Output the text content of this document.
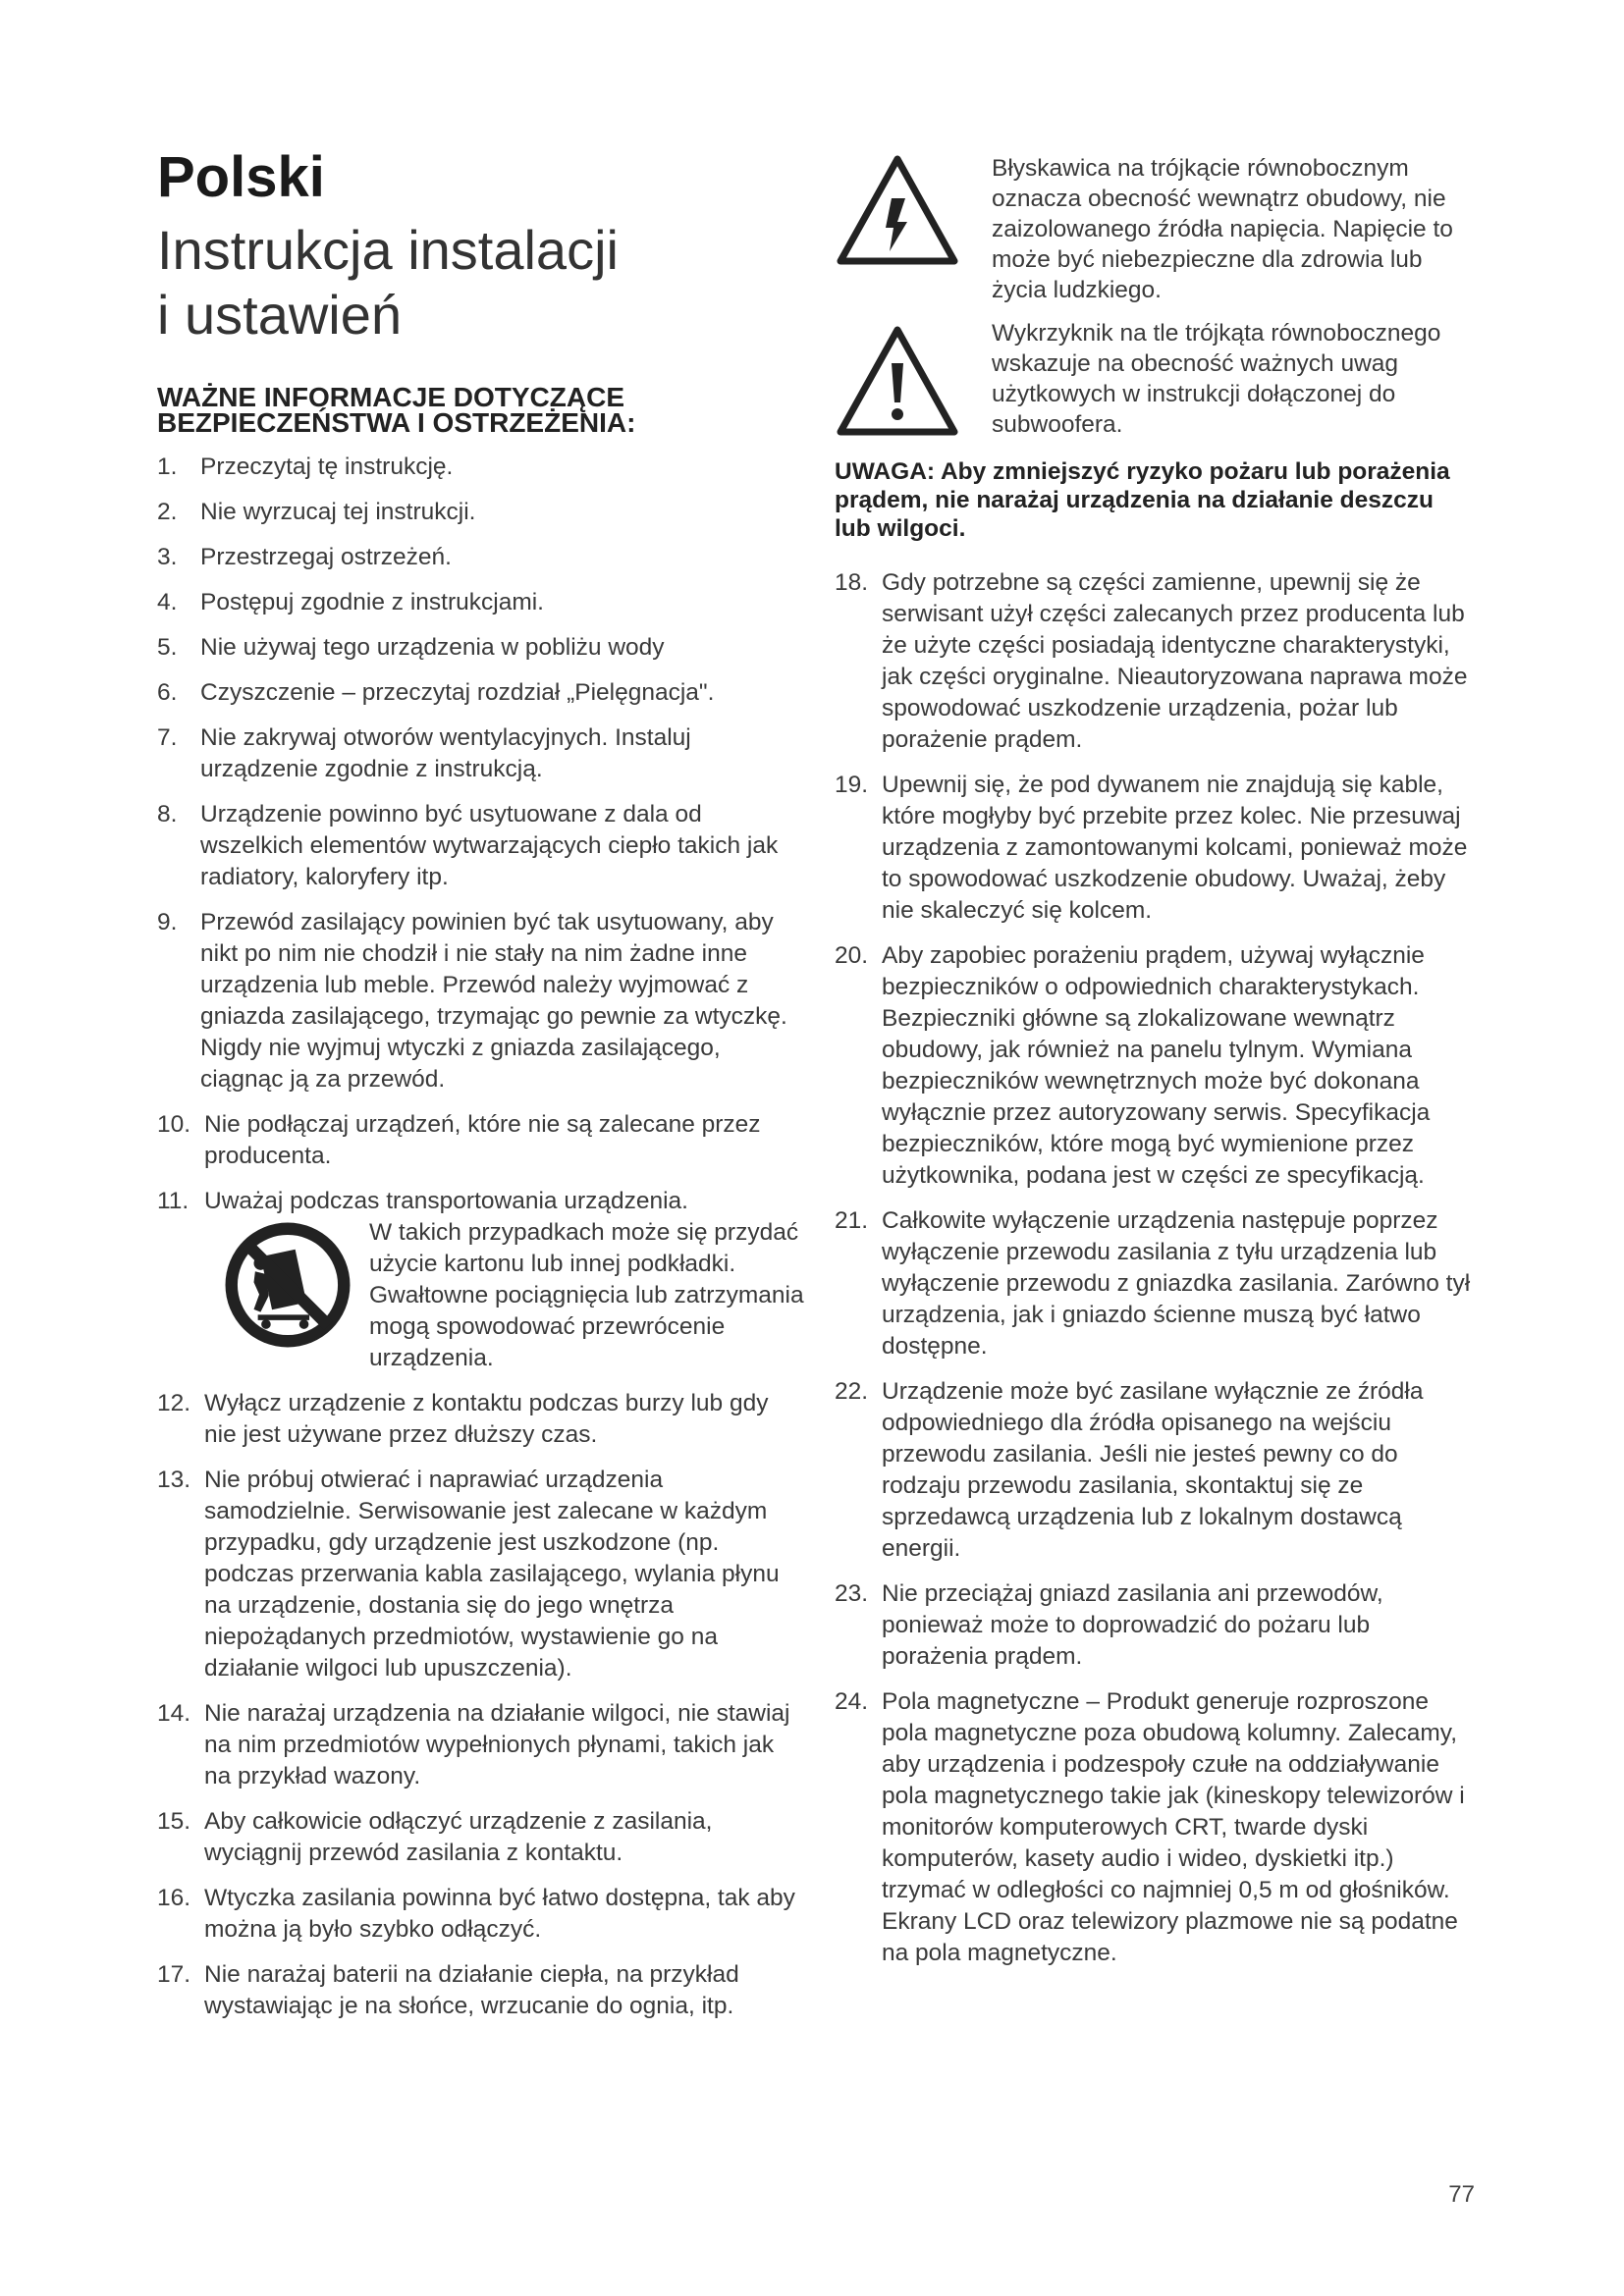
Polski
Instrukcja instalacji
i ustawień
WAŻNE INFORMACJE DOTYCZĄCE BEZPIECZEŃSTWA I OSTRZEŻENIA:
1. Przeczytaj tę instrukcję.
2. Nie wyrzucaj tej instrukcji.
3. Przestrzegaj ostrzeżeń.
4. Postępuj zgodnie z instrukcjami.
5. Nie używaj tego urządzenia w pobliżu wody
6. Czyszczenie – przeczytaj rozdział „Pielęgnacja".
7. Nie zakrywaj otworów wentylacyjnych. Instaluj urządzenie zgodnie z instrukcją.
8. Urządzenie powinno być usytuowane z dala od wszelkich elementów wytwarzających ciepło takich jak radiatory, kaloryfery itp.
9. Przewód zasilający powinien być tak usytuowany, aby nikt po nim nie chodził i nie stały na nim żadne inne urządzenia lub meble. Przewód należy wyjmować z gniazda zasilającego, trzymając go pewnie za wtyczkę. Nigdy nie wyjmuj wtyczki z gniazda zasilającego, ciągnąc ją za przewód.
10. Nie podłączaj urządzeń, które nie są zalecane przez producenta.
11. Uważaj podczas transportowania urządzenia.
W takich przypadkach może się przydać użycie kartonu lub innej podkładki. Gwałtowne pociągnięcia lub zatrzymania mogą spowodować przewrócenie urządzenia.
12. Wyłącz urządzenie z kontaktu podczas burzy lub gdy nie jest używane przez dłuższy czas.
13. Nie próbuj otwierać i naprawiać urządzenia samodzielnie. Serwisowanie jest zalecane w każdym przypadku, gdy urządzenie jest uszkodzone (np. podczas przerwania kabla zasilającego, wylania płynu na urządzenie, dostania się do jego wnętrza niepożądanych przedmiotów, wystawienie go na działanie wilgoci lub upuszczenia).
14. Nie narażaj urządzenia na działanie wilgoci, nie stawiaj na nim przedmiotów wypełnionych płynami, takich jak na przykład wazony.
15. Aby całkowicie odłączyć urządzenie z zasilania, wyciągnij przewód zasilania z kontaktu.
16. Wtyczka zasilania powinna być łatwo dostępna, tak aby można ją było szybko odłączyć.
17. Nie narażaj baterii na działanie ciepła, na przykład wystawiając je na słońce, wrzucanie do ognia, itp.
Błyskawica na trójkącie równobocznym oznacza obecność wewnątrz obudowy, nie zaizolowanego źródła napięcia. Napięcie to może być niebezpieczne dla zdrowia lub życia ludzkiego.
Wykrzyknik na tle trójkąta równobocznego wskazuje na obecność ważnych uwag użytkowych w instrukcji dołączonej do subwoofera.
UWAGA: Aby zmniejszyć ryzyko pożaru lub porażenia prądem, nie narażaj urządzenia na działanie deszczu lub wilgoci.
18. Gdy potrzebne są części zamienne, upewnij się że serwisant użył części zalecanych przez producenta lub że użyte części posiadają identyczne charakterystyki, jak części oryginalne. Nieautoryzowana naprawa może spowodować uszkodzenie urządzenia, pożar lub porażenie prądem.
19. Upewnij się, że pod dywanem nie znajdują się kable, które mogłyby być przebite przez kolec. Nie przesuwaj urządzenia z zamontowanymi kolcami, ponieważ może to spowodować uszkodzenie obudowy. Uważaj, żeby nie skaleczyć się kolcem.
20. Aby zapobiec porażeniu prądem, używaj wyłącznie bezpieczników o odpowiednich charakterystykach. Bezpieczniki główne są zlokalizowane wewnątrz obudowy, jak również na panelu tylnym. Wymiana bezpieczników wewnętrznych może być dokonana wyłącznie przez autoryzowany serwis. Specyfikacja bezpieczników, które mogą być wymienione przez użytkownika, podana jest w części ze specyfikacją.
21. Całkowite wyłączenie urządzenia następuje poprzez wyłączenie przewodu zasilania z tyłu urządzenia lub wyłączenie przewodu z gniazdka zasilania. Zarówno tył urządzenia, jak i gniazdo ścienne muszą być łatwo dostępne.
22. Urządzenie może być zasilane wyłącznie ze źródła odpowiedniego dla źródła opisanego na wejściu przewodu zasilania. Jeśli nie jesteś pewny co do rodzaju przewodu zasilania, skontaktuj się ze sprzedawcą urządzenia lub z lokalnym dostawcą energii.
23. Nie przeciążaj gniazd zasilania ani przewodów, ponieważ może to doprowadzić do pożaru lub porażenia prądem.
24. Pola magnetyczne – Produkt generuje rozproszone pola magnetyczne poza obudową kolumny. Zalecamy, aby urządzenia i podzespoły czułe na oddziaływanie pola magnetycznego takie jak (kineskopy telewizorów i monitorów komputerowych CRT, twarde dyski komputerów, kasety audio i wideo, dyskietki itp.) trzymać w odległości co najmniej 0,5 m od głośników. Ekrany LCD oraz telewizory plazmowe nie są podatne na pola magnetyczne.
77
